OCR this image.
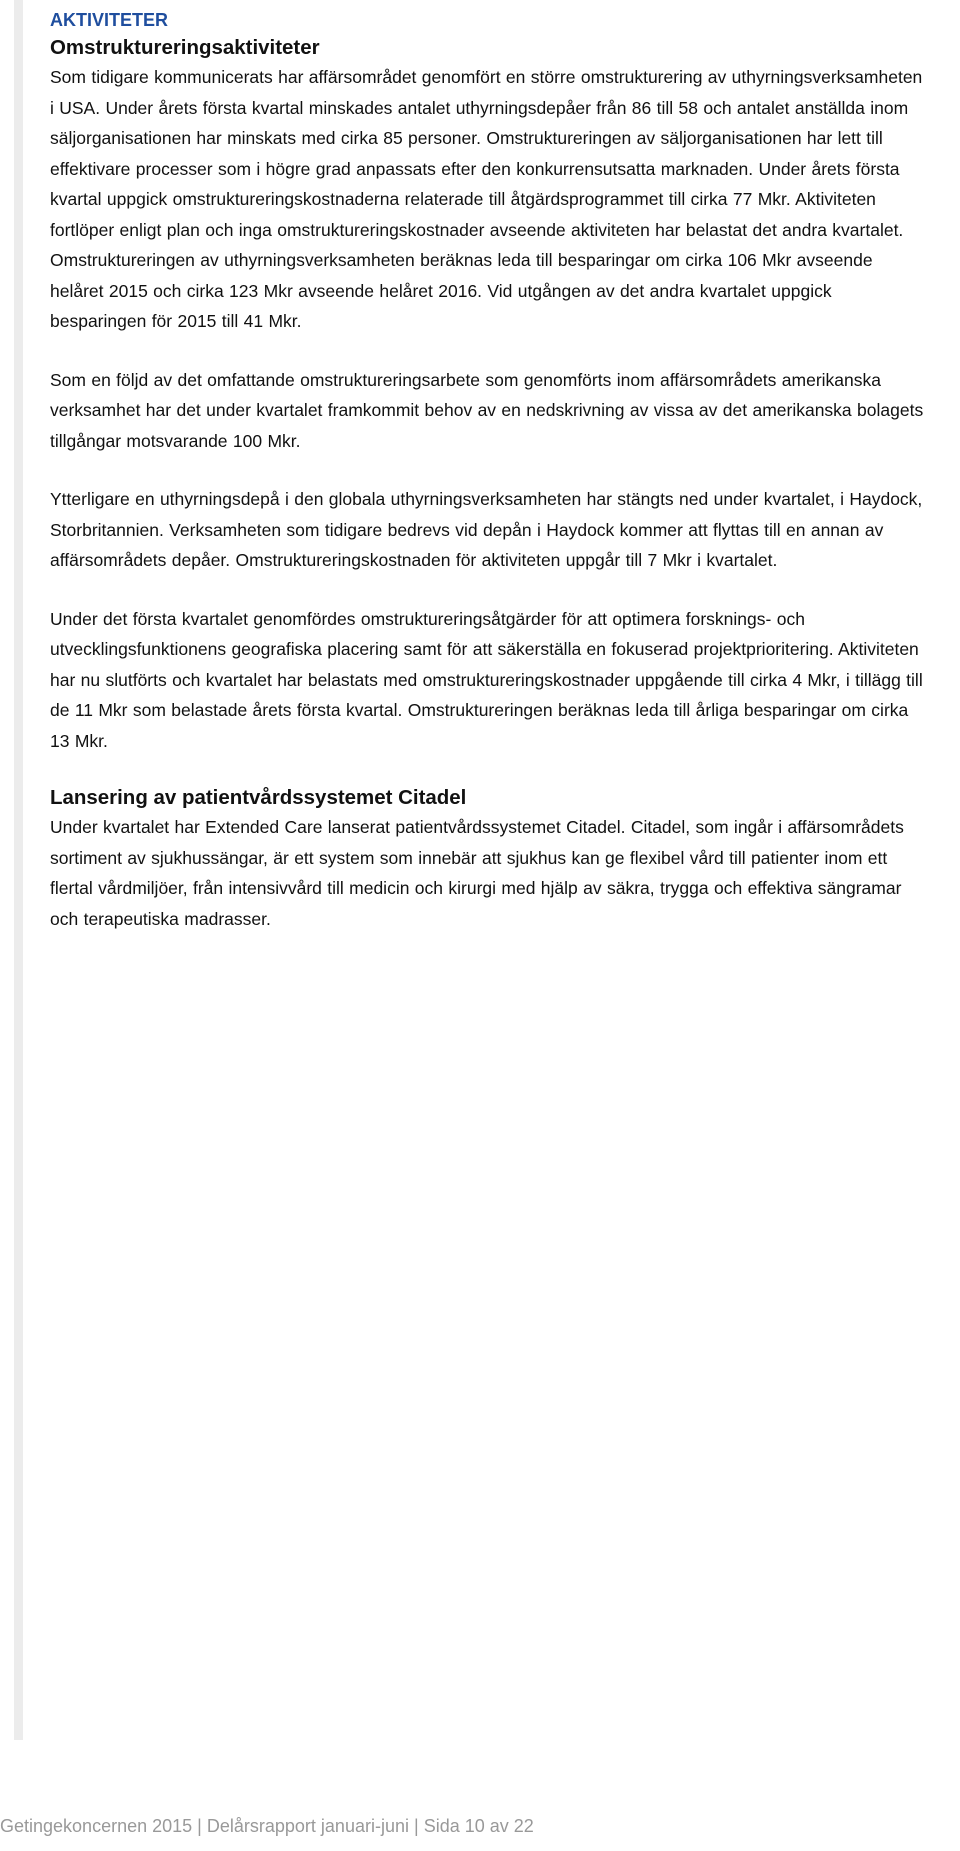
AKTIVITETER
Omstruktureringsaktiviteter

Som tidigare kommunicerats har affärsområdet genomfört en större omstrukturering av uthyrningsverksamheten i USA. Under årets första kvartal minskades antalet uthyrningsdepåer från 86 till 58 och antalet anställda inom säljorganisationen har minskats med cirka 85 personer. Omstruktureringen av säljorganisationen har lett till effektivare processer som i högre grad anpassats efter den konkurrensutsatta marknaden. Under årets första kvartal uppgick omstruktureringskostnaderna relaterade till åtgärdsprogrammet till cirka 77 Mkr. Aktiviteten fortlöper enligt plan och inga omstruktureringskostnader avseende aktiviteten har belastat det andra kvartalet. Omstruktureringen av uthyrningsverksamheten beräknas leda till besparingar om cirka 106 Mkr avseende helåret 2015 och cirka 123 Mkr avseende helåret 2016. Vid utgången av det andra kvartalet uppgick besparingen för 2015 till 41 Mkr.

Som en följd av det omfattande omstruktureringsarbete som genomförts inom affärsområdets amerikanska verksamhet har det under kvartalet framkommit behov av en nedskrivning av vissa av det amerikanska bolagets tillgångar motsvarande 100 Mkr.

Ytterligare en uthyrningsdepå i den globala uthyrningsverksamheten har stängts ned under kvartalet, i Haydock, Storbritannien. Verksamheten som tidigare bedrevs vid depån i Haydock kommer att flyttas till en annan av affärsområdets depåer. Omstruktureringskostnaden för aktiviteten uppgår till 7 Mkr i kvartalet.

Under det första kvartalet genomfördes omstruktureringsåtgärder för att optimera forsknings- och utvecklingsfunktionens geografiska placering samt för att säkerställa en fokuserad projektprioritering. Aktiviteten har nu slutförts och kvartalet har belastats med omstruktureringskostnader uppgående till cirka 4 Mkr, i tillägg till de 11 Mkr som belastade årets första kvartal. Omstruktureringen beräknas leda till årliga besparingar om cirka 13 Mkr.

Lansering av patientvårdssystemet Citadel

Under kvartalet har Extended Care lanserat patientvårdssystemet Citadel. Citadel, som ingår i affärsområdets sortiment av sjukhussängar, är ett system som innebär att sjukhus kan ge flexibel vård till patienter inom ett flertal vårdmiljöer, från intensivvård till medicin och kirurgi med hjälp av säkra, trygga och effektiva sängramar och terapeutiska madrasser.

Getingekoncernen 2015 | Delårsrapport januari-juni | Sida 10 av 22
